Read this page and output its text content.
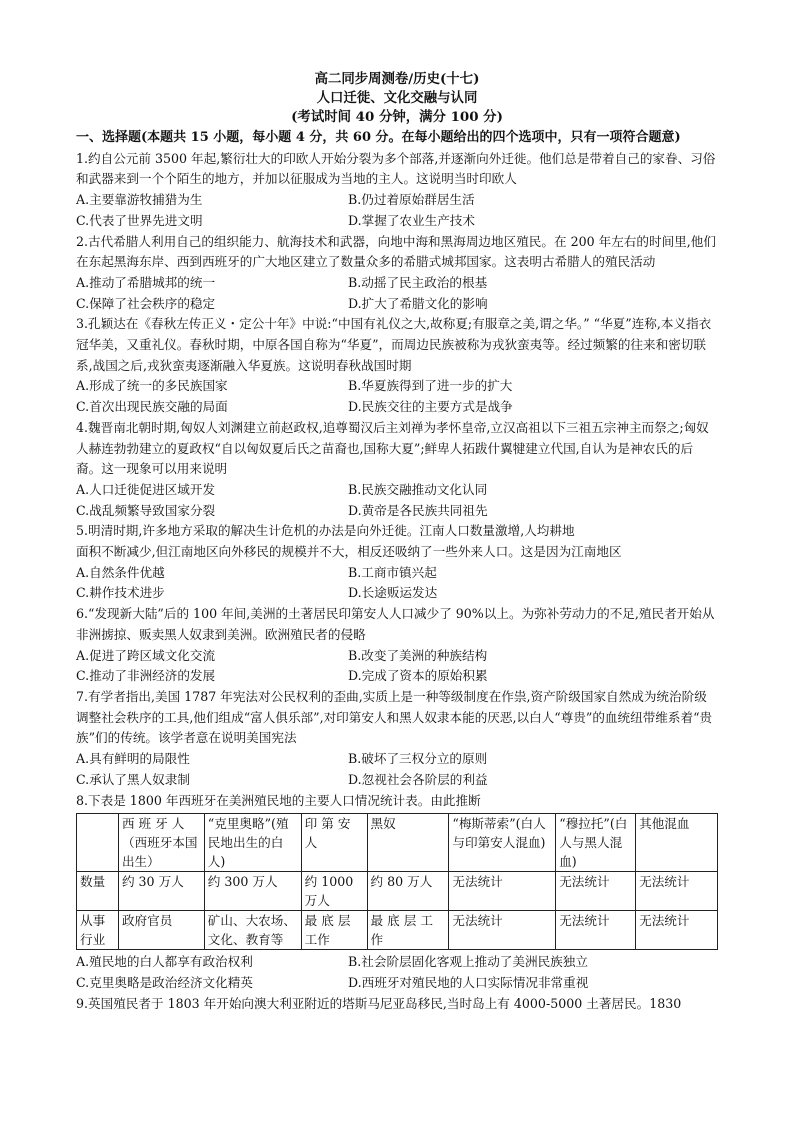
高二同步周测卷/历史(十七)
人口迁徙、文化交融与认同
(考试时间 40 分钟，满分 100 分)
一、选择题(本题共 15 小题，每小题 4 分，共 60 分。在每小题给出的四个选项中，只有一项符合题意)
1.约自公元前 3500 年起,繁衍壮大的印欧人开始分裂为多个部落,并逐渐向外迁徙。他们总是带着自己的家眷、习俗和武器来到一个个陌生的地方，并加以征服成为当地的主人。这说明当时印欧人
A.主要靠游牧捕猎为生	B.仍过着原始群居生活
C.代表了世界先进文明	D.掌握了农业生产技术
2.古代希腊人利用自己的组织能力、航海技术和武器，向地中海和黑海周边地区殖民。在 200 年左右的时间里,他们在东起黑海东岸、西到西班牙的广大地区建立了数量众多的希腊式城邦国家。这表明古希腊人的殖民活动
A.推动了希腊城邦的统一	B.动摇了民主政治的根基
C.保障了社会秩序的稳定	D.扩大了希腊文化的影响
3.孔颖达在《春秋左传正义・定公十年》中说:“中国有礼仪之大,故称夏;有服章之美,谓之华。” “华夏”连称,本义指衣冠华美，又重礼仪。春秋时期，中原各国自称为“华夏”，而周边民族被称为戎狄蛮夷等。经过频繁的往来和密切联系,战国之后,戎狄蛮夷逐渐融入华夏族。这说明春秋战国时期
A.形成了统一的多民族国家	B.华夏族得到了进一步的扩大
C.首次出现民族交融的局面	D.民族交往的主要方式是战争
4.魏晋南北朝时期,匈奴人刘渊建立前赵政权,追尊蜀汉后主刘禅为孝怀皇帝,立汉高祖以下三祖五宗神主而祭之;匈奴人赫连勃勃建立的夏政权“自以匈奴夏后氏之苗裔也,国称大夏”;鲜卑人拓跋什翼犍建立代国,自认为是神农氏的后裔。这一现象可以用来说明
A.人口迁徙促进区域开发	B.民族交融推动文化认同
C.战乱频繁导致国家分裂	D.黄帝是各民族共同祖先
5.明清时期,许多地方采取的解决生计危机的办法是向外迁徙。江南人口数量激增,人均耕地
面积不断减少,但江南地区向外移民的规模并不大，相反还吸纳了一些外来人口。这是因为江南地区
A.自然条件优越	B.工商市镇兴起
C.耕作技术进步	D.长途贩运发达
6.“发现新大陆”后的 100 年间,美洲的土著居民印第安人人口减少了 90%以上。为弥补劳动力的不足,殖民者开始从非洲掳掠、贩卖黑人奴隶到美洲。欧洲殖民者的侵略
A.促进了跨区域文化交流	B.改变了美洲的种族结构
C.推动了非洲经济的发展	D.完成了资本的原始积累
7.有学者指出,美国 1787 年宪法对公民权利的歪曲,实质上是一种等级制度在作祟,资产阶级国家自然成为统治阶级调整社会秩序的工具,他们组成“富人俱乐部”,对印第安人和黑人奴隶本能的厌恶,以白人“尊贵”的血统纽带维系着“贵族”们的传统。该学者意在说明美国宪法
A.具有鲜明的局限性	B.破坏了三权分立的原则
C.承认了黑人奴隶制	D.忽视社会各阶层的利益
8.下表是 1800 年西班牙在美洲殖民地的主要人口情况统计表。由此推断
	西 班 牙 人（西班牙本国出生）	“克里奥略”(殖民地出生的白人)	印 第 安 人	黑奴	“梅斯蒂索”(白人与印第安人混血)	“穆拉托”(白人与黑人混血)	其他混血
数量	约 30 万人	约 300 万人	约 1000 万人	约 80 万人	无法统计	无法统计	无法统计
从事行业	政府官员	矿山、大农场、文化、教育等	最 底 层 工作	最 底 层 工 作	无法统计	无法统计	无法统计
A.殖民地的白人都享有政治权利	B.社会阶层固化客观上推动了美洲民族独立
C.克里奥略是政治经济文化精英	D.西班牙对殖民地的人口实际情况非常重视
9.英国殖民者于 1803 年开始向澳大利亚附近的塔斯马尼亚岛移民,当时岛上有 4000-5000 土著居民。1830
